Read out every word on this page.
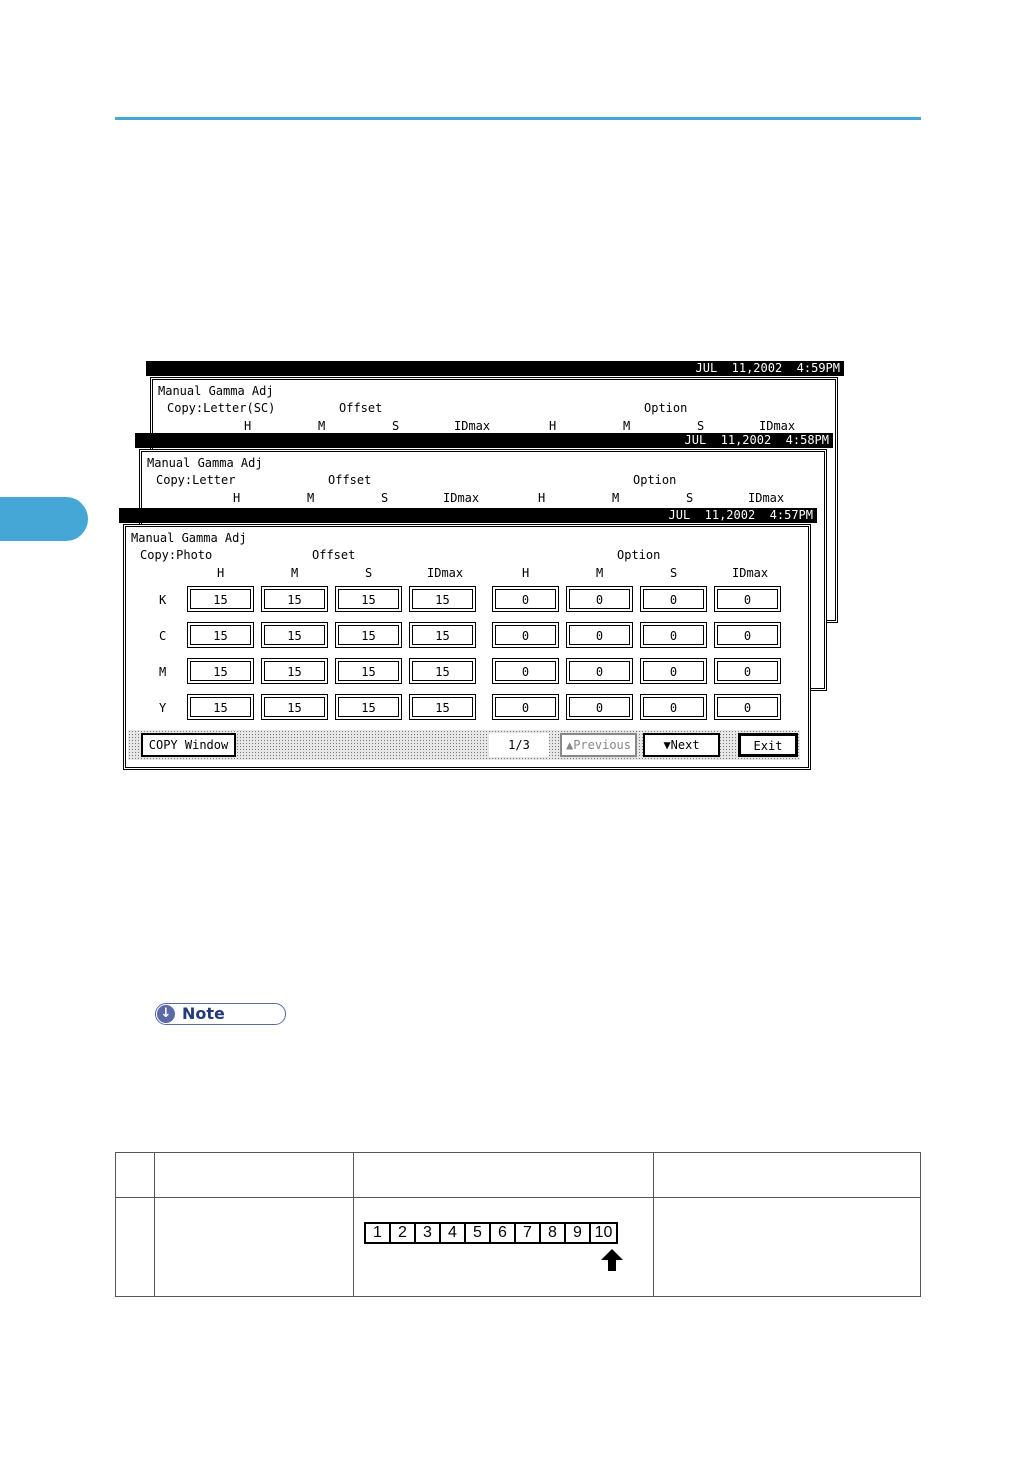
JUL  11,2002  4:59PM
Manual Gamma Adj
Copy:Letter(SC)	Offset	Option
H	M	S	IDmax	H	M	S	IDmax
JUL  11,2002  4:58PM
Manual Gamma Adj
Copy:Letter	Offset	Option
H	M	S	IDmax	H	M	S	IDmax
JUL  11,2002  4:57PM
Manual Gamma Adj
Copy:Photo	Offset	Option
H	M	S	IDmax	H	M	S	IDmax
K	15	15	15	15	0	0	0	0
C	15	15	15	15	0	0	0	0
M	15	15	15	15	0	0	0	0
Y	15	15	15	15	0	0	0	0
COPY Window	1/3	▲Previous	▼Next	Exit
↓ Note

1	2	3	4	5	6	7	8	9 10
